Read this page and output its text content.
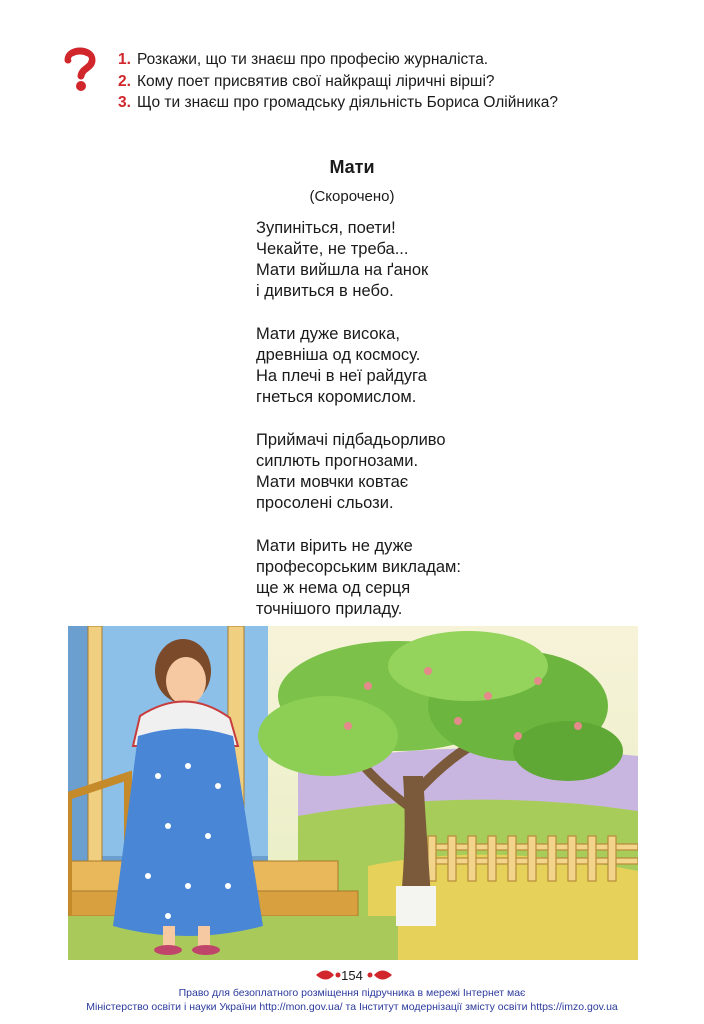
1. Розкажи, що ти знаєш про професію журналіста.
2. Кому поет присвятив свої найкращі ліричні вірші?
3. Що ти знаєш про громадську діяльність Бориса Олійника?
Мати
(Скорочено)
Зупиніться, поети!
Чекайте, не треба...
Мати вийшла на ґанок
і дивиться в небо.
Мати дуже висока,
древніша од космосу.
На плечі в неї райдуга
гнеться коромислом.
Приймачі підбадьорливо
сиплють прогнозами.
Мати мовчки ковтає
просолені сльози.
Мати вірить не дуже
професорським викладам:
ще ж нема од серця
точнішого приладу.
154
Право для безоплатного розміщення підручника в мережі Інтернет має
Міністерство освіти і науки України http://mon.gov.ua/ та Інститут модернізації змісту освіти https://imzo.gov.ua
